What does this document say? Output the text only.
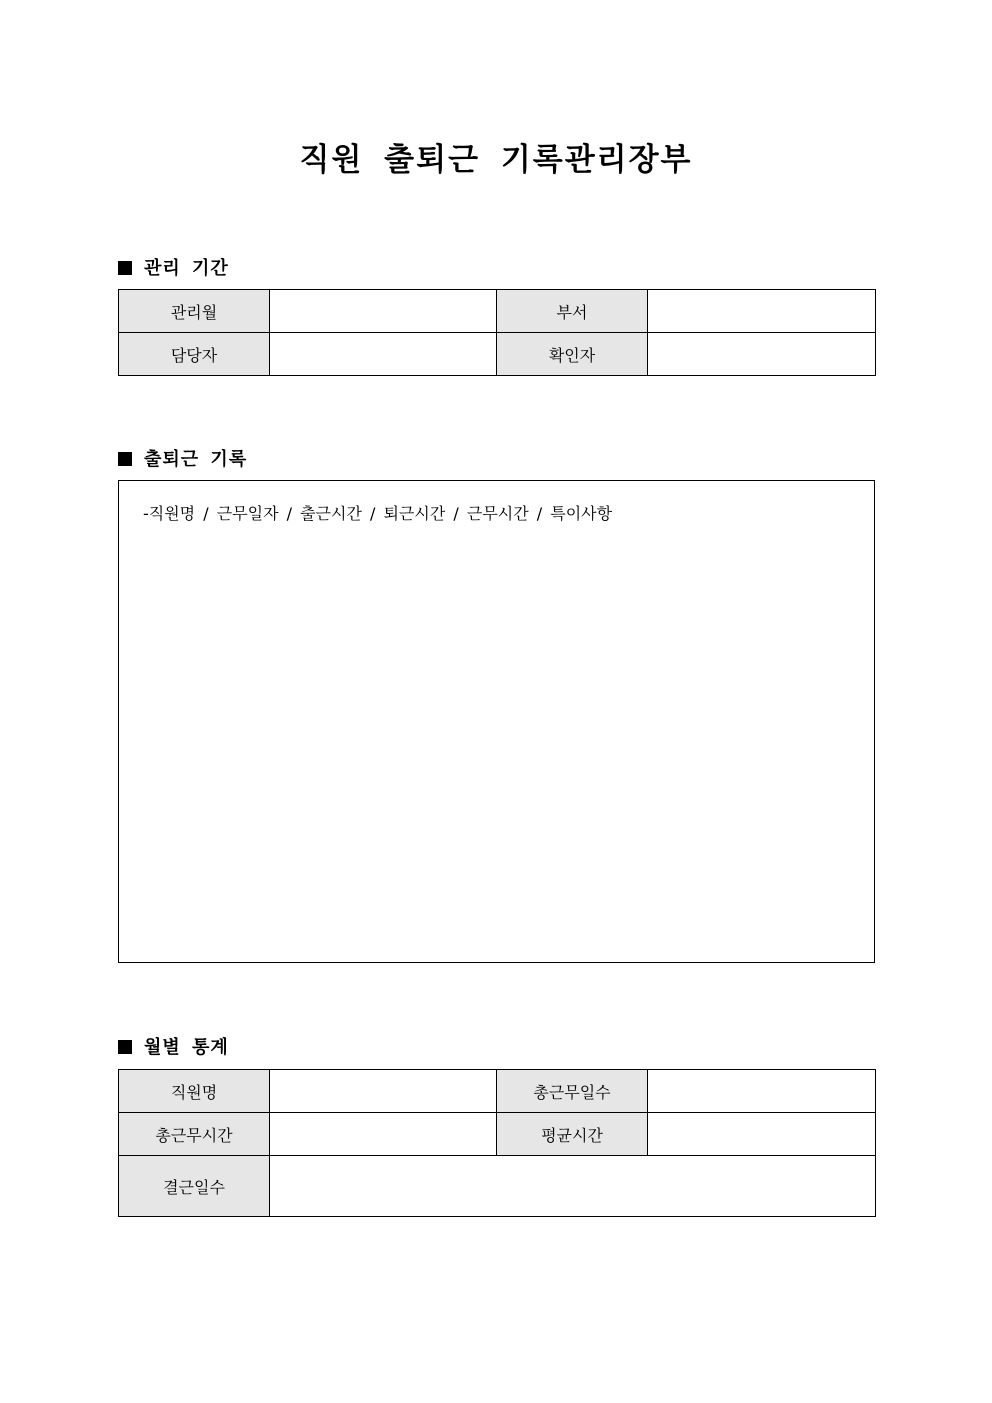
직원 출퇴근 기록관리장부
관리 기간
관리월		부서	
담당자		확인자	
출퇴근 기록
-직원명 / 근무일자 / 출근시간 / 퇴근시간 / 근무시간 / 특이사항
월별 통계
직원명		총근무일수	
총근무시간		평균시간	
결근일수			
